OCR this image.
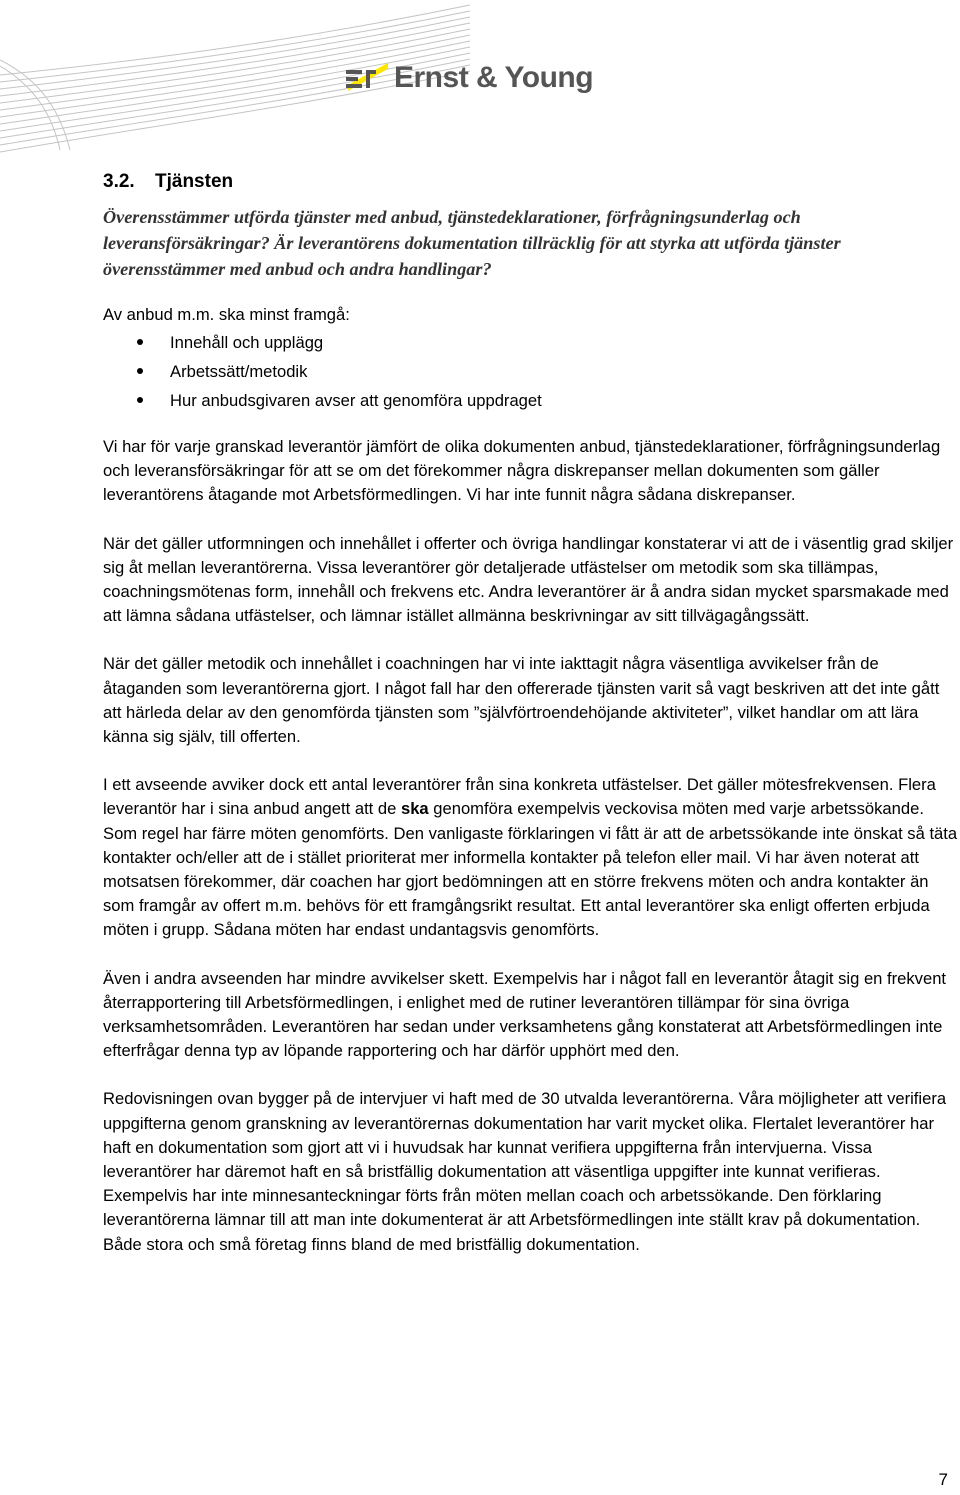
Ernst & Young
3.2. Tjänsten

Överensstämmer utförda tjänster med anbud, tjänstedeklarationer, förfrågningsunderlag och leveransförsäkringar? Är leverantörens dokumentation tillräcklig för att styrka att utförda tjänster överensstämmer med anbud och andra handlingar?

Av anbud m.m. ska minst framgå:

Innehåll och upplägg
Arbetssätt/metodik
Hur anbudsgivaren avser att genomföra uppdraget

Vi har för varje granskad leverantör jämfört de olika dokumenten anbud, tjänstedeklarationer, förfrågningsunderlag och leveransförsäkringar för att se om det förekommer några diskrepanser mellan dokumenten som gäller leverantörens åtagande mot Arbetsförmedlingen. Vi har inte funnit några sådana diskrepanser.

När det gäller utformningen och innehållet i offerter och övriga handlingar konstaterar vi att de i väsentlig grad skiljer sig åt mellan leverantörerna. Vissa leverantörer gör detaljerade utfästelser om metodik som ska tillämpas, coachningsmötenas form, innehåll och frekvens etc. Andra leverantörer är å andra sidan mycket sparsmakade med att lämna sådana utfästelser, och lämnar istället allmänna beskrivningar av sitt tillvägagångssätt.

När det gäller metodik och innehållet i coachningen har vi inte iakttagit några väsentliga avvikelser från de åtaganden som leverantörerna gjort. I något fall har den offererade tjänsten varit så vagt beskriven att det inte gått att härleda delar av den genomförda tjänsten som ”självförtroendehöjande aktiviteter”, vilket handlar om att lära känna sig själv, till offerten.

I ett avseende avviker dock ett antal leverantörer från sina konkreta utfästelser. Det gäller mötesfrekvensen. Flera leverantör har i sina anbud angett att de ska genomföra exempelvis veckovisa möten med varje arbetssökande. Som regel har färre möten genomförts. Den vanligaste förklaringen vi fått är att de arbetssökande inte önskat så täta kontakter och/eller att de i stället prioriterat mer informella kontakter på telefon eller mail. Vi har även noterat att motsatsen förekommer, där coachen har gjort bedömningen att en större frekvens möten och andra kontakter än som framgår av offert m.m. behövs för ett framgångsrikt resultat. Ett antal leverantörer ska enligt offerten erbjuda möten i grupp. Sådana möten har endast undantagsvis genomförts.

Även i andra avseenden har mindre avvikelser skett. Exempelvis har i något fall en leverantör åtagit sig en frekvent återrapportering till Arbetsförmedlingen, i enlighet med de rutiner leverantören tillämpar för sina övriga verksamhetsområden. Leverantören har sedan under verksamhetens gång konstaterat att Arbetsförmedlingen inte efterfrågar denna typ av löpande rapportering och har därför upphört med den.

Redovisningen ovan bygger på de intervjuer vi haft med de 30 utvalda leverantörerna. Våra möjligheter att verifiera uppgifterna genom granskning av leverantörernas dokumentation har varit mycket olika. Flertalet leverantörer har haft en dokumentation som gjort att vi i huvudsak har kunnat verifiera uppgifterna från intervjuerna. Vissa leverantörer har däremot haft en så bristfällig dokumentation att väsentliga uppgifter inte kunnat verifieras. Exempelvis har inte minnesanteckningar förts från möten mellan coach och arbetssökande. Den förklaring leverantörerna lämnar till att man inte dokumenterat är att Arbetsförmedlingen inte ställt krav på dokumentation. Både stora och små företag finns bland de med bristfällig dokumentation.

7
